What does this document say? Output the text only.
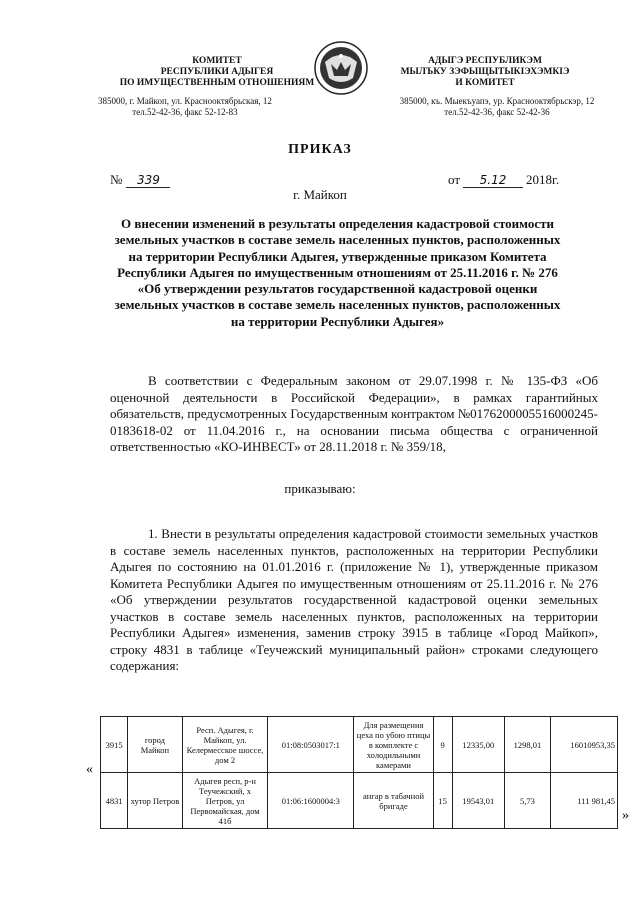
КОМИТЕТ
РЕСПУБЛИКИ АДЫГЕЯ
ПО ИМУЩЕСТВЕННЫМ ОТНОШЕНИЯМ
АДЫГЭ РЕСПУБЛИКЭМ
МЫЛЪКУ ЗЭФЫЩЫТЫКІЭХЭМКІЭ
И КОМИТЕТ
385000, г. Майкоп, ул. Краснооктябрьская, 12
тел.52-42-36, факс 52-12-83
385000, къ. Мыекъуапэ, ур. Краснооктябрьскэр, 12
тел.52-42-36, факс 52-42-36
ПРИКАЗ
№ 339	от 5.12 2018г.
г. Майкоп
О внесении изменений в результаты определения кадастровой стоимости земельных участков в составе земель населенных пунктов, расположенных на территории Республики Адыгея, утвержденные приказом Комитета Республики Адыгея по имущественным отношениям от 25.11.2016 г. № 276 «Об утверждении результатов государственной кадастровой оценки земельных участков в составе земель населенных пунктов, расположенных на территории Республики Адыгея»
В соответствии с Федеральным законом от 29.07.1998 г. № 135-ФЗ «Об оценочной деятельности в Российской Федерации», в рамках гарантийных обязательств, предусмотренных Государственным контрактом №0176200005516000245-0183618-02 от 11.04.2016 г., на основании письма общества с ограниченной ответственностью «КО-ИНВЕСТ» от 28.11.2018 г. № 359/18,
приказываю:
1. Внести в результаты определения кадастровой стоимости земельных участков в составе земель населенных пунктов, расположенных на территории Республики Адыгея по состоянию на 01.01.2016 г. (приложение № 1), утвержденные приказом Комитета Республики Адыгея по имущественным отношениям от 25.11.2016 г. № 276 «Об утверждении результатов государственной кадастровой оценки земельных участков в составе земель населенных пунктов, расположенных на территории Республики Адыгея» изменения, заменив строку 3915 в таблице «Город Майкоп», строку 4831 в таблице «Теучежский муниципальный район» строками следующего содержания:
«
3915	город Майкоп	Респ. Адыгея, г. Майкоп, ул. Келермесское шоссе, дом 2	01:08:0503017:1	Для размещения цеха по убою птицы в комплекте с холодильными камерами	9	12335,00	1298,01	16010953,35
4831	хутор Петров	Адыгея респ, р-н Теучежский, х Петров, ул Первомайская, дом 41б	01:06:1600004:3	ангар в табачной бригаде	15	19543,01	5,73	111 981,45
»
